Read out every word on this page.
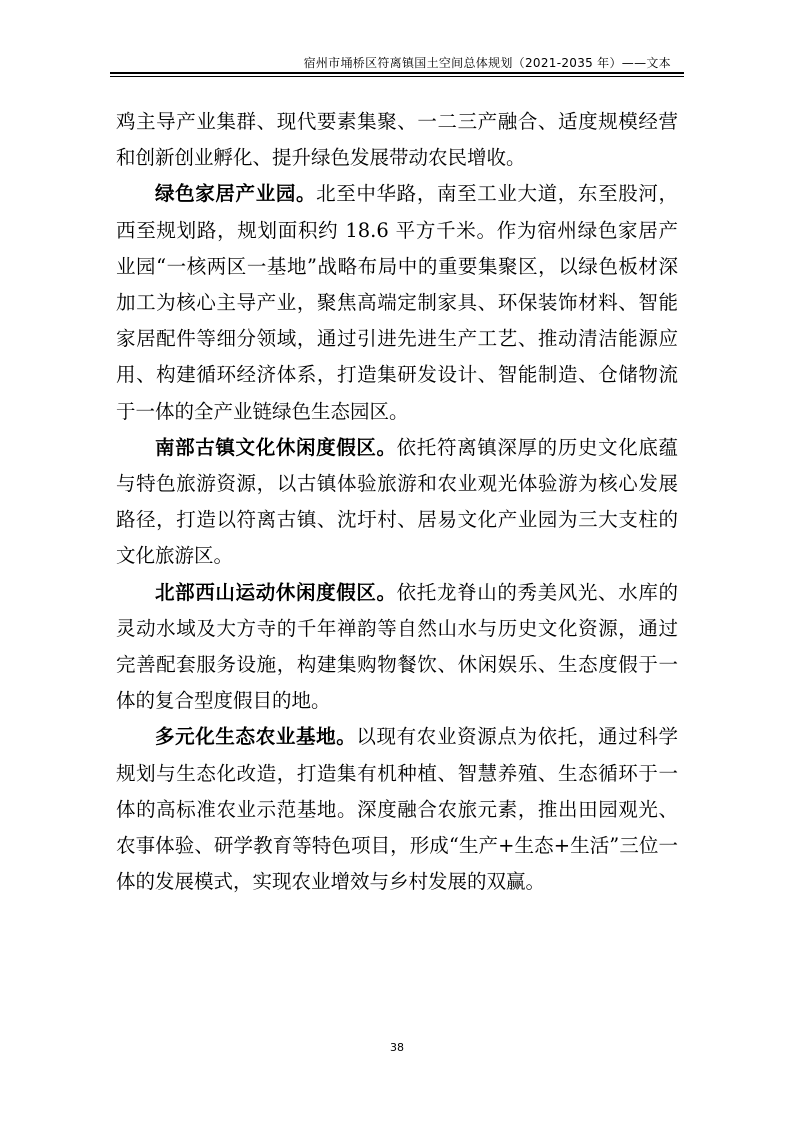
宿州市埇桥区符离镇国土空间总体规划（2021-2035 年）——文本

鸡主导产业集群、现代要素集聚、一二三产融合、适度规模经营和创新创业孵化、提升绿色发展带动农民增收。

绿色家居产业园。北至中华路，南至工业大道，东至股河，西至规划路，规划面积约 18.6 平方千米。作为宿州绿色家居产业园“一核两区一基地”战略布局中的重要集聚区，以绿色板材深加工为核心主导产业，聚焦高端定制家具、环保装饰材料、智能家居配件等细分领域，通过引进先进生产工艺、推动清洁能源应用、构建循环经济体系，打造集研发设计、智能制造、仓储物流于一体的全产业链绿色生态园区。

南部古镇文化休闲度假区。依托符离镇深厚的历史文化底蕴与特色旅游资源，以古镇体验旅游和农业观光体验游为核心发展路径，打造以符离古镇、沈圩村、居易文化产业园为三大支柱的文化旅游区。

北部西山运动休闲度假区。依托龙脊山的秀美风光、水库的灵动水域及大方寺的千年禅韵等自然山水与历史文化资源，通过完善配套服务设施，构建集购物餐饮、休闲娱乐、生态度假于一体的复合型度假目的地。

多元化生态农业基地。以现有农业资源点为依托，通过科学规划与生态化改造，打造集有机种植、智慧养殖、生态循环于一体的高标准农业示范基地。深度融合农旅元素，推出田园观光、农事体验、研学教育等特色项目，形成“生产+生态+生活”三位一体的发展模式，实现农业增效与乡村发展的双赢。

38
